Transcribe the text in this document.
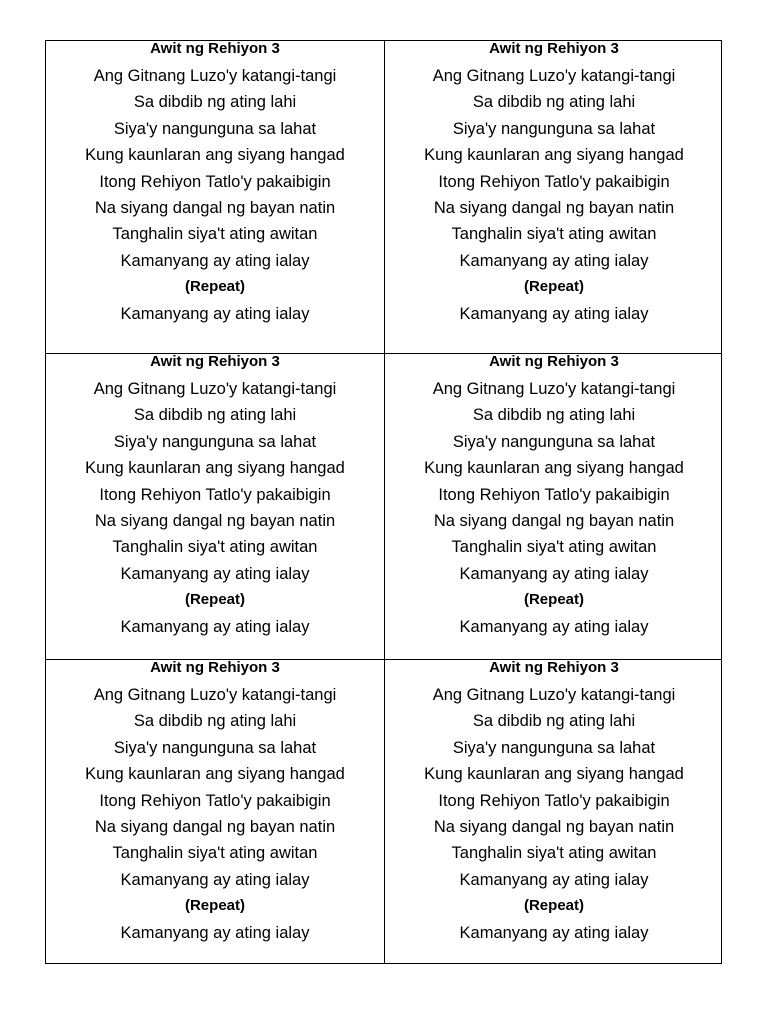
Awit ng Rehiyon 3
Ang Gitnang Luzo'y katangi-tangi
Sa dibdib ng ating lahi
Siya'y nangunguna sa lahat
Kung kaunlaran ang siyang hangad
Itong Rehiyon Tatlo'y pakaibigin
Na siyang dangal ng bayan natin
Tanghalin siya't ating awitan
Kamanyang ay ating ialay
(Repeat)
Kamanyang ay ating ialay
Awit ng Rehiyon 3
Ang Gitnang Luzo'y katangi-tangi
Sa dibdib ng ating lahi
Siya'y nangunguna sa lahat
Kung kaunlaran ang siyang hangad
Itong Rehiyon Tatlo'y pakaibigin
Na siyang dangal ng bayan natin
Tanghalin siya't ating awitan
Kamanyang ay ating ialay
(Repeat)
Kamanyang ay ating ialay
Awit ng Rehiyon 3
Ang Gitnang Luzo'y katangi-tangi
Sa dibdib ng ating lahi
Siya'y nangunguna sa lahat
Kung kaunlaran ang siyang hangad
Itong Rehiyon Tatlo'y pakaibigin
Na siyang dangal ng bayan natin
Tanghalin siya't ating awitan
Kamanyang ay ating ialay
(Repeat)
Kamanyang ay ating ialay
Awit ng Rehiyon 3
Ang Gitnang Luzo'y katangi-tangi
Sa dibdib ng ating lahi
Siya'y nangunguna sa lahat
Kung kaunlaran ang siyang hangad
Itong Rehiyon Tatlo'y pakaibigin
Na siyang dangal ng bayan natin
Tanghalin siya't ating awitan
Kamanyang ay ating ialay
(Repeat)
Kamanyang ay ating ialay
Awit ng Rehiyon 3
Ang Gitnang Luzo'y katangi-tangi
Sa dibdib ng ating lahi
Siya'y nangunguna sa lahat
Kung kaunlaran ang siyang hangad
Itong Rehiyon Tatlo'y pakaibigin
Na siyang dangal ng bayan natin
Tanghalin siya't ating awitan
Kamanyang ay ating ialay
(Repeat)
Kamanyang ay ating ialay
Awit ng Rehiyon 3
Ang Gitnang Luzo'y katangi-tangi
Sa dibdib ng ating lahi
Siya'y nangunguna sa lahat
Kung kaunlaran ang siyang hangad
Itong Rehiyon Tatlo'y pakaibigin
Na siyang dangal ng bayan natin
Tanghalin siya't ating awitan
Kamanyang ay ating ialay
(Repeat)
Kamanyang ay ating ialay
